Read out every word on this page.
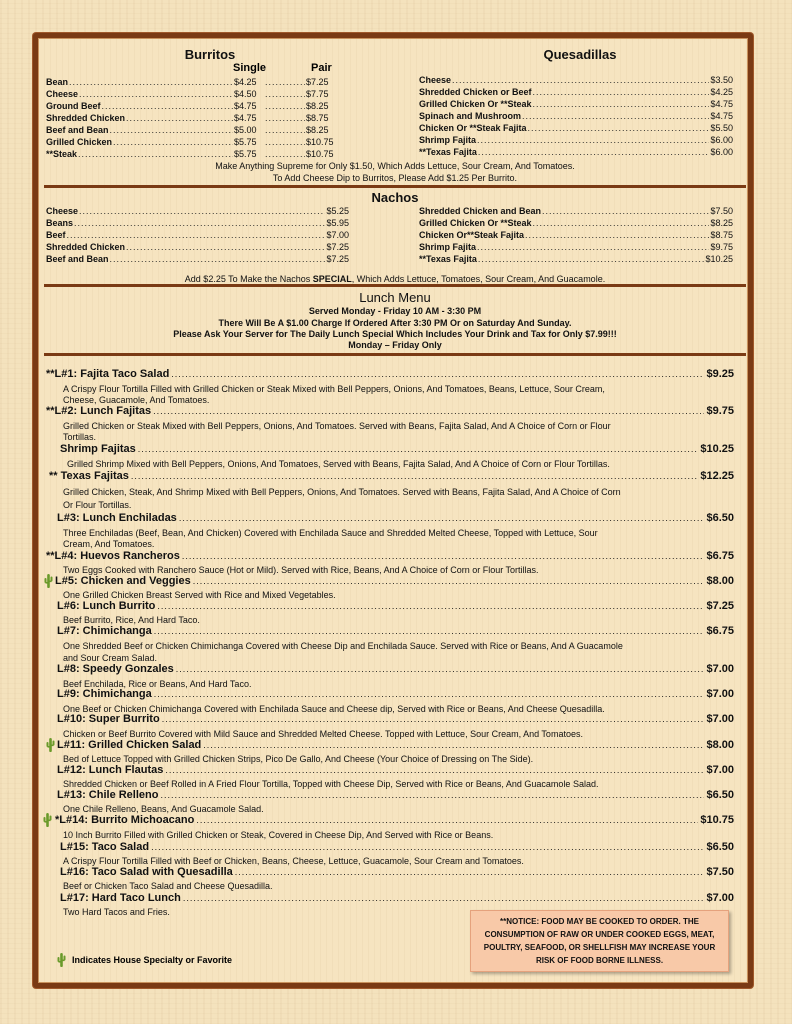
Burritos
Single	Pair
Bean .....	$4.25 .....	$7.25
Cheese .....	$4.50 .....	$7.75
Ground Beef .....	$4.75 .....	$8.25
Shredded Chicken .....	$4.75 .....	$8.75
Beef and Bean .....	$5.00 .....	$8.25
Grilled Chicken .....	$5.75 .....	$10.75
**Steak .....	$5.75 .....	$10.75
Quesadillas
Cheese .....	$3.50
Shredded Chicken or Beef .....	$4.25
Grilled Chicken Or **Steak .....	$4.75
Spinach and Mushroom .....	$4.75
Chicken Or **Steak Fajita .....	$5.50
Shrimp Fajita .....	$6.00
**Texas Fajita .....	$6.00
Make Anything Supreme for Only $1.50, Which Adds Lettuce, Sour Cream, And Tomatoes.
To Add Cheese Dip to Burritos, Please Add $1.25 Per Burrito.
Nachos
Cheese .....	$5.25
Beans .....	$5.95
Beef .....	$7.00
Shredded Chicken .....	$7.25
Beef and Bean .....	$7.25
Shredded Chicken and Bean .....	$7.50
Grilled Chicken Or **Steak .....	$8.25
Chicken Or**Steak Fajita .....	$8.75
Shrimp Fajita .....	$9.75
**Texas Fajita .....	$10.25
Add $2.25 To Make the Nachos SPECIAL, Which Adds Lettuce, Tomatoes, Sour Cream, And Guacamole.
Lunch Menu
Served Monday - Friday 10 AM - 3:30 PM
There Will Be A $1.00 Charge If Ordered After 3:30 PM Or on Saturday And Sunday.
Please Ask Your Server for The Daily Lunch Special Which Includes Your Drink and Tax for Only $7.99!!!
Monday – Friday Only
Indicates House Specialty or Favorite
**NOTICE: FOOD MAY BE COOKED TO ORDER. THE CONSUMPTION OF RAW OR UNDER COOKED EGGS, MEAT, POULTRY, SEAFOOD, OR SHELLFISH MAY INCREASE YOUR RISK OF FOOD BORNE ILLNESS.
**L#1: Fajita Taco Salad .....	$9.25
A Crispy Flour Tortilla Filled with Grilled Chicken or Steak Mixed with Bell Peppers, Onions, And Tomatoes, Beans, Lettuce, Sour Cream,
Cheese, Guacamole, And Tomatoes.
**L#2: Lunch Fajitas .....	$9.75
Grilled Chicken or Steak Mixed with Bell Peppers, Onions, And Tomatoes. Served with Beans, Fajita Salad, And A Choice of Corn or Flour
Tortillas.
Shrimp Fajitas .....	$10.25
Grilled Shrimp Mixed with Bell Peppers, Onions, And Tomatoes, Served with Beans, Fajita Salad, And A Choice of Corn or Flour Tortillas.
** Texas Fajitas .....	$12.25
Grilled Chicken, Steak, And Shrimp Mixed with Bell Peppers, Onions, And Tomatoes. Served with Beans, Fajita Salad, And A Choice of Corn
Or Flour Tortillas.
L#3: Lunch Enchiladas .....	$6.50
Three Enchiladas (Beef, Bean, And Chicken) Covered with Enchilada Sauce and Shredded Melted Cheese, Topped with Lettuce, Sour
Cream, And Tomatoes.
**L#4: Huevos Rancheros .....	$6.75
Two Eggs Cooked with Ranchero Sauce (Hot or Mild). Served with Rice, Beans, And A Choice of Corn or Flour Tortillas.
L#5: Chicken and Veggies .....	$8.00
One Grilled Chicken Breast Served with Rice and Mixed Vegetables.
L#6: Lunch Burrito .....	$7.25
Beef Burrito, Rice, And Hard Taco.
L#7: Chimichanga .....	$6.75
One Shredded Beef or Chicken Chimichanga Covered with Cheese Dip and Enchilada Sauce. Served with Rice or Beans, And A Guacamole
and Sour Cream Salad.
L#8: Speedy Gonzales .....	$7.00
Beef Enchilada, Rice or Beans, And Hard Taco.
L#9: Chimichanga .....	$7.00
One Beef or Chicken Chimichanga Covered with Enchilada Sauce and Cheese dip, Served with Rice or Beans, And Cheese Quesadilla.
L#10: Super Burrito .....	$7.00
Chicken or Beef Burrito Covered with Mild Sauce and Shredded Melted Cheese. Topped with Lettuce, Sour Cream, And Tomatoes.
L#11: Grilled Chicken Salad .....	$8.00
Bed of Lettuce Topped with Grilled Chicken Strips, Pico De Gallo, And Cheese (Your Choice of Dressing on The Side).
L#12: Lunch Flautas .....	$7.00
Shredded Chicken or Beef Rolled in A Fried Flour Tortilla, Topped with Cheese Dip, Served with Rice or Beans, And Guacamole Salad.
L#13: Chile Relleno .....	$6.50
One Chile Relleno, Beans, And Guacamole Salad.
*L#14: Burrito Michoacano .....	$10.75
10 Inch Burrito Filled with Grilled Chicken or Steak, Covered in Cheese Dip, And Served with Rice or Beans.
L#15: Taco Salad .....	$6.50
A Crispy Flour Tortilla Filled with Beef or Chicken, Beans, Cheese, Lettuce, Guacamole, Sour Cream and Tomatoes.
L#16: Taco Salad with Quesadilla .....	$7.50
Beef or Chicken Taco Salad and Cheese Quesadilla.
L#17: Hard Taco Lunch .....	$7.00
Two Hard Tacos and Fries.
